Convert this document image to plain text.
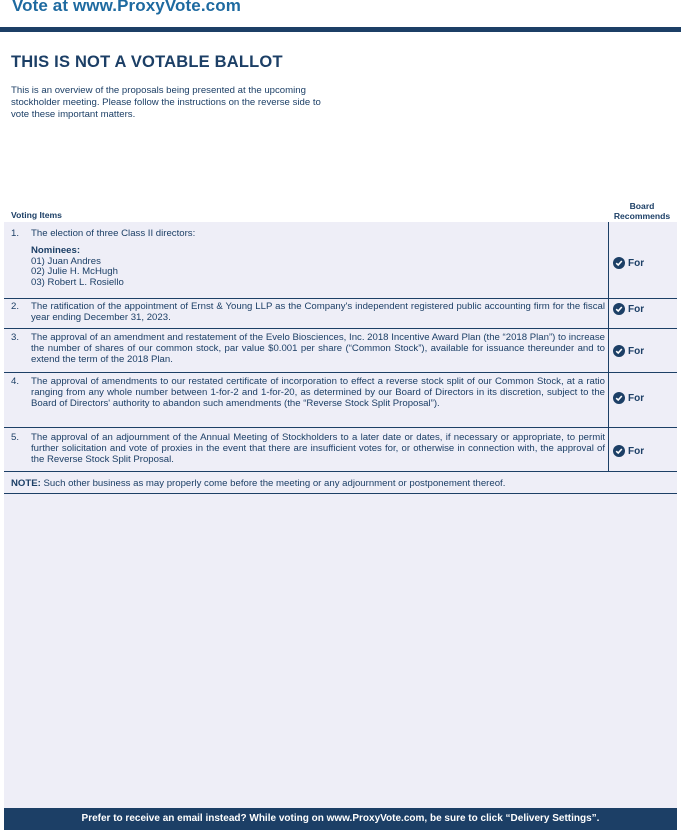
Vote at www.ProxyVote.com
THIS IS NOT A VOTABLE BALLOT

This is an overview of the proposals being presented at the upcoming stockholder meeting. Please follow the instructions on the reverse side to vote these important matters.

Voting Items
Board
Recommends
1. The election of three Class II directors:
Nominees:
01) Juan Andres
02) Julie H. McHugh
03) Robert L. Rosiello
For
2. The ratification of the appointment of Ernst & Young LLP as the Company's independent registered public accounting firm for the fiscal year ending December 31, 2023.
For
3. The approval of an amendment and restatement of the Evelo Biosciences, Inc. 2018 Incentive Award Plan (the “2018 Plan”) to increase the number of shares of our common stock, par value $0.001 per share (“Common Stock”), available for issuance thereunder and to extend the term of the 2018 Plan.
For
4. The approval of amendments to our restated certificate of incorporation to effect a reverse stock split of our Common Stock, at a ratio ranging from any whole number between 1-for-2 and 1-for-20, as determined by our Board of Directors in its discretion, subject to the Board of Directors' authority to abandon such amendments (the “Reverse Stock Split Proposal”).	For
5. The approval of an adjournment of the Annual Meeting of Stockholders to a later date or dates, if necessary or appropriate, to permit further solicitation and vote of proxies in the event that there are insufficient votes for, or otherwise in connection with, the approval of the Reverse Stock Split Proposal.
For
NOTE: Such other business as may properly come before the meeting or any adjournment or postponement thereof.
Prefer to receive an email instead? While voting on www.ProxyVote.com, be sure to click “Delivery Settings”.
